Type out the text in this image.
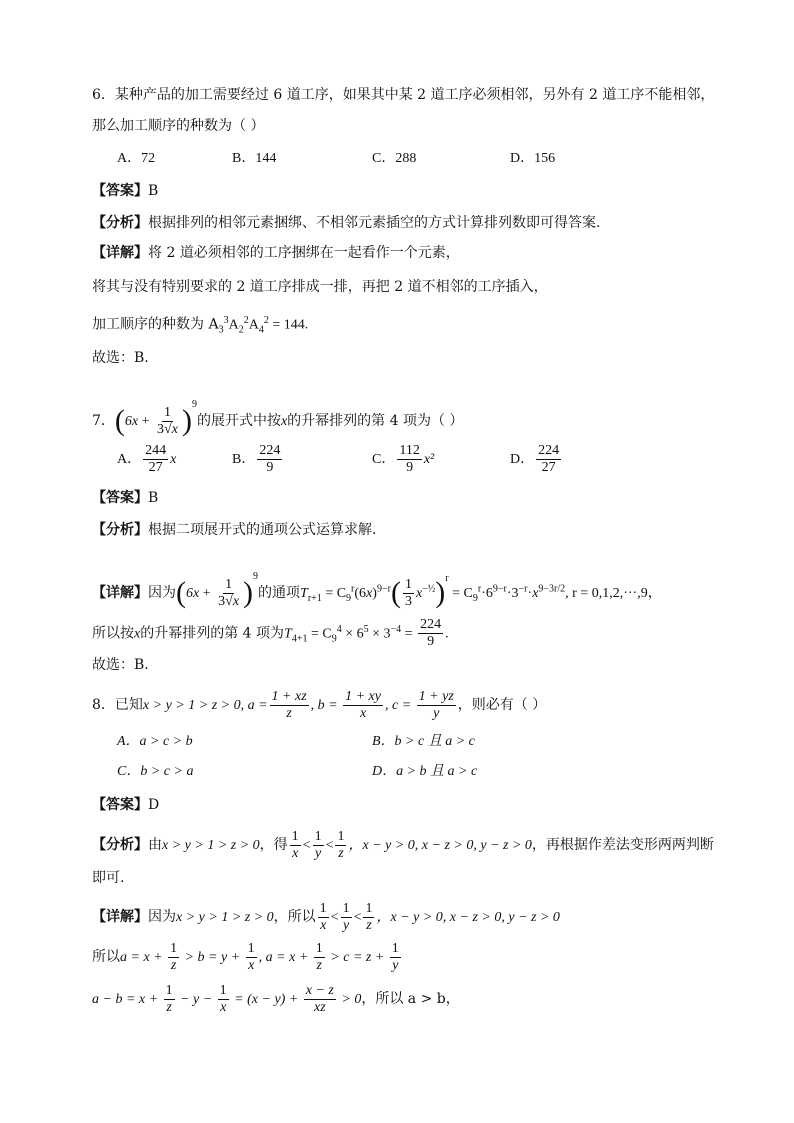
6．某种产品的加工需要经过 6 道工序，如果其中某 2 道工序必须相邻，另外有 2 道工序不能相邻，
那么加工顺序的种数为（ ）
A．72	B．144	C．288	D．156
【答案】B
【分析】根据排列的相邻元素捆绑、不相邻元素插空的方式计算排列数即可得答案.
【详解】将 2 道必须相邻的工序捆绑在一起看作一个元素，
将其与没有特别要求的 2 道工序排成一排，再把 2 道不相邻的工序插入，
加工顺序的种数为 $A_3^3A_2^2A_4^2 = 144$.
故选：B.
7．$(6x + \frac{1}{3√x} )^9$的展开式中按x的升幂排列的第 4 项为（ ）
A． $\frac{244}{27}$ x	B． $\frac{224}{9}$	C． $\frac{112}{9} x^2$	D． $\frac{224}{27}$
【答案】B
【分析】根据二项展开式的通项公式运算求解.
【详解】因为$(6x + \frac{1}{3√x} )^9$的通项$T_{r+1} = C_9^r(6x)^{9-r}( \frac{1}{3} x^{-\frac{1}{2}})^r = C_9^r\cdot 6^{9-r}\cdot 3^{-r}\cdot x^{9-3r/2}$, r = 0,1,2,···,9，
所以按x的升幂排列的第 4 项为$T_{4+1} = C_9^4 \times 6^5 \times 3^{-4} = \frac{224}{9}$ .
故选：B.
8．已知x > y > 1 > z > 0, $a = \frac{1 + xz}{z}$ , $b = \frac{1 + xy}{x}$ , $c = \frac{1 + yz}{y}$ ，则必有（ ）
A．a > c > b	B．b > c 且 a > c
C．b > c > a	D．a > b 且 a > c
【答案】D
【分析】由x > y > 1 > z > 0，得 $\frac{1}{x} < \frac{1}{y} < \frac{1}{z}$ ，x − y > 0, x − z > 0, y − z > 0，再根据作差法变形两两判断
即可.
【详解】因为x > y > 1 > z > 0，所以 $\frac{1}{x} < \frac{1}{y} < \frac{1}{z}$ ，x − y > 0, x − z > 0, y − z > 0
所以$a = x + \frac{1}{z} > b = y + \frac{1}{x}$ , $a = x + \frac{1}{z} > c = z + \frac{1}{y}$
$a - b = x + \frac{1}{z} - y - \frac{1}{x} = (x - y) + \frac{x - z}{xz} > 0$，所以 a > b，
